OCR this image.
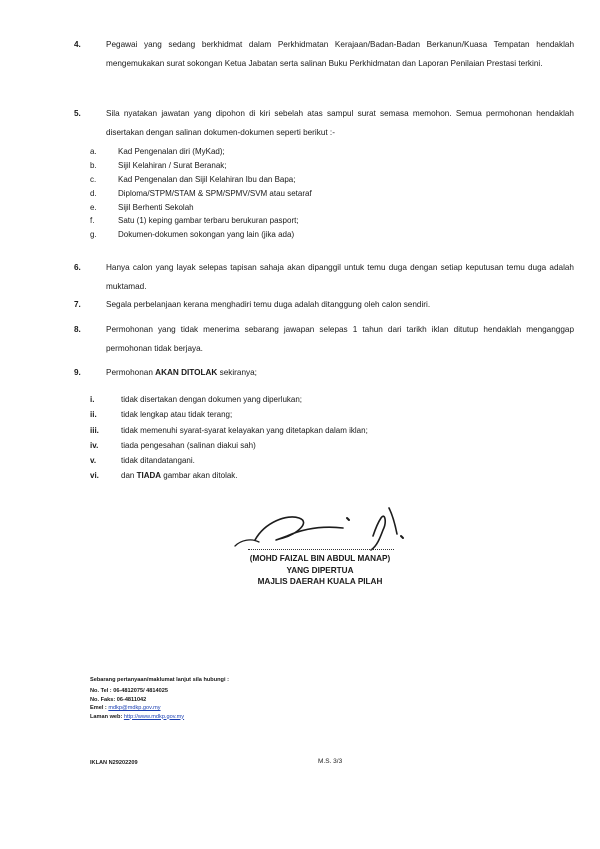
4.	Pegawai yang sedang berkhidmat dalam Perkhidmatan Kerajaan/Badan-Badan Berkanun/Kuasa Tempatan hendaklah mengemukakan surat sokongan Ketua Jabatan serta salinan Buku Perkhidmatan dan Laporan Penilaian Prestasi terkini.
5.	Sila nyatakan jawatan yang dipohon di kiri sebelah atas sampul surat semasa memohon. Semua permohonan hendaklah disertakan dengan salinan dokumen-dokumen seperti berikut :-
a.	Kad Pengenalan diri (MyKad);
b.	Sijil Kelahiran / Surat Beranak;
c.	Kad Pengenalan dan Sijil Kelahiran Ibu dan Bapa;
d.	Diploma/STPM/STAM & SPM/SPMV/SVM atau setaraf
e.	Sijil Berhenti Sekolah
f.	Satu (1) keping gambar terbaru berukuran pasport;
g.	Dokumen-dokumen sokongan yang lain (jika ada)
6.	Hanya calon yang layak selepas tapisan sahaja akan dipanggil untuk temu duga dengan setiap keputusan temu duga adalah muktamad.
7.	Segala perbelanjaan kerana menghadiri temu duga adalah ditanggung oleh calon sendiri.
8.	Permohonan yang tidak menerima sebarang jawapan selepas 1 tahun dari tarikh iklan ditutup hendaklah menganggap permohonan tidak berjaya.
9.	Permohonan AKAN DITOLAK sekiranya;
i.	tidak disertakan dengan dokumen yang diperlukan;
ii.	tidak lengkap atau tidak terang;
iii.	tidak memenuhi syarat-syarat kelayakan yang ditetapkan dalam iklan;
iv.	tiada pengesahan (salinan diakui sah)
v.	tidak ditandatangani.
vi.	dan TIADA gambar akan ditolak.
(MOHD FAIZAL BIN ABDUL MANAP)
YANG DIPERTUA
MAJLIS DAERAH KUALA PILAH
Sebarang pertanyaan/maklumat lanjut sila hubungi :
No. Tel : 06-4812075/ 4814025
No. Faks: 06-4811042
Emel : mdkp@mdkp.gov.my
Laman web: http://www.mdkp.gov.my
IKLAN N29202209	M.S. 3/3
